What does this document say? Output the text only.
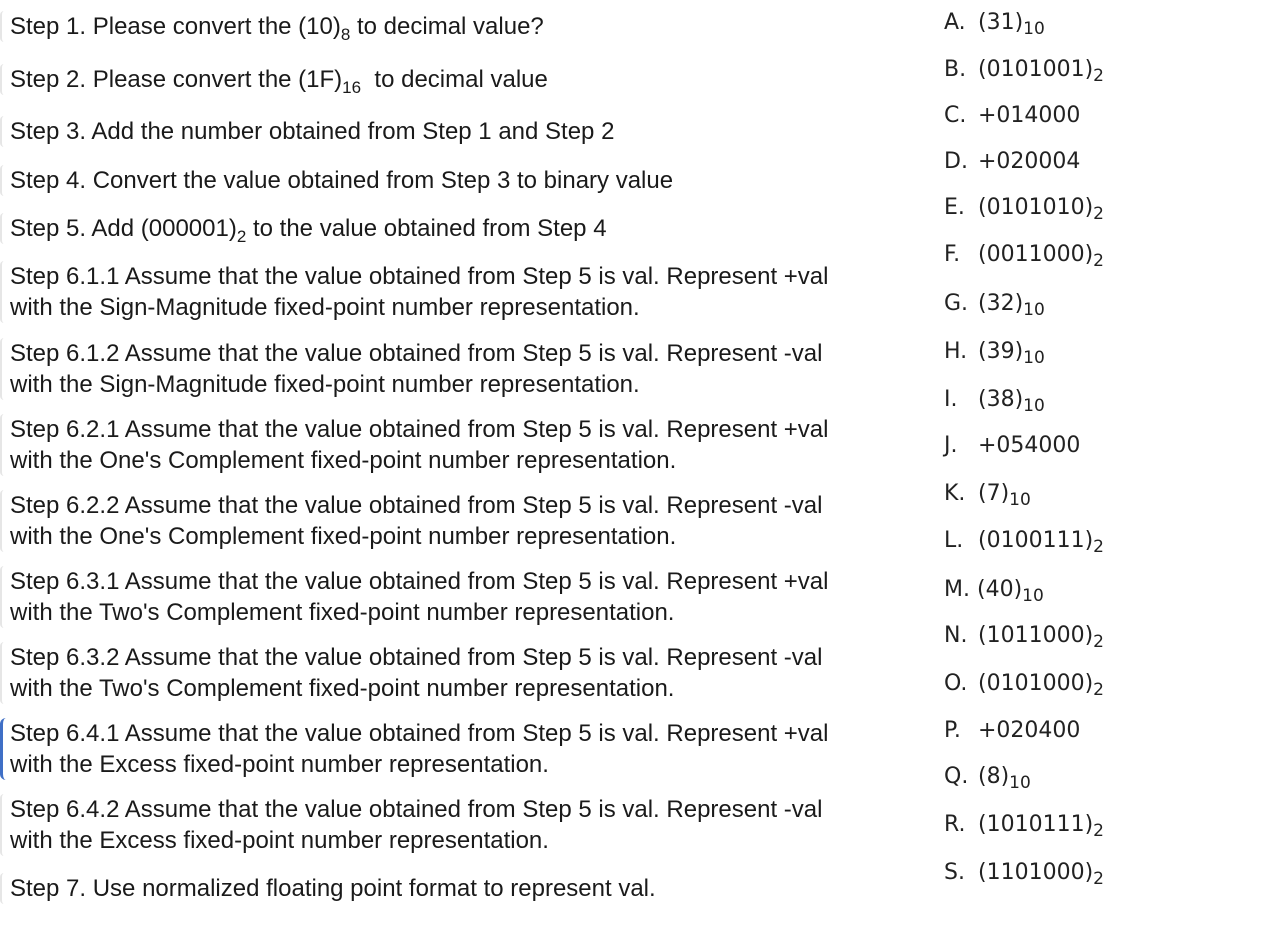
Step 1. Please convert the $(10)_8$ to decimal value?
Step 2. Please convert the $(1F)_{16}$  to decimal value
Step 3. Add the number obtained from Step 1 and Step 2
Step 4. Convert the value obtained from Step 3 to binary value
Step 5. Add $(000001)_2$ to the value obtained from Step 4
Step 6.1.1 Assume that the value obtained from Step 5 is val. Represent +val
with the Sign-Magnitude fixed-point number representation.
Step 6.1.2 Assume that the value obtained from Step 5 is val. Represent -val
with the Sign-Magnitude fixed-point number representation.
Step 6.2.1 Assume that the value obtained from Step 5 is val. Represent +val
with the One's Complement fixed-point number representation.
Step 6.2.2 Assume that the value obtained from Step 5 is val. Represent -val
with the One's Complement fixed-point number representation.
Step 6.3.1 Assume that the value obtained from Step 5 is val. Represent +val
with the Two's Complement fixed-point number representation.
Step 6.3.2 Assume that the value obtained from Step 5 is val. Represent -val
with the Two's Complement fixed-point number representation.
Step 6.4.1 Assume that the value obtained from Step 5 is val. Represent +val
with the Excess fixed-point number representation.
Step 6.4.2 Assume that the value obtained from Step 5 is val. Represent -val
with the Excess fixed-point number representation.
Step 7. Use normalized floating point format to represent val.
A. $(31)_{10}$
B. $(0101001)_2$
C. +014000
D. +020004
E. $(0101010)_2$
F. $(0011000)_2$
G. $(32)_{10}$
H. $(39)_{10}$
I. $(38)_{10}$
J. +054000
K. $(7)_{10}$
L. $(0100111)_2$
M. $(40)_{10}$
N. $(1011000)_2$
O. $(0101000)_2$
P. +020400
Q. $(8)_{10}$
R. $(1010111)_2$
S. $(1101000)_2$
